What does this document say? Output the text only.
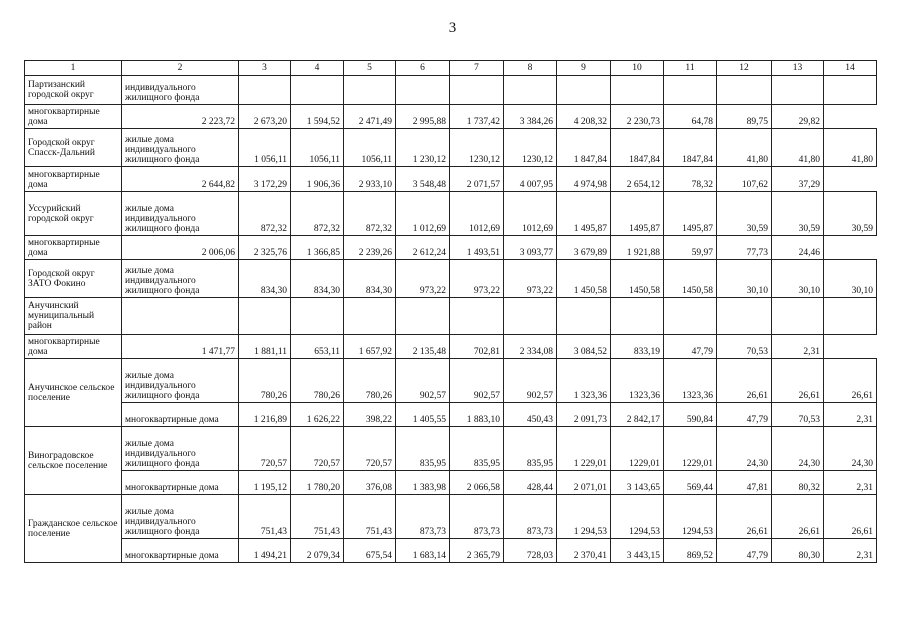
3
1	2	3	4	5	6	7	8	9	10	11	12	13	14
Партизанский городской округ	индивидуального жилищного фонда												
многоквартирные дома	2 223,72	2 673,20	1 594,52	2 471,49	2 995,88	1 737,42	3 384,26	4 208,32	2 230,73	64,78	89,75	29,82	
Городской округ Спасск-Дальний	жилые дома индивидуального жилищного фонда	1 056,11	1056,11	1056,11	1 230,12	1230,12	1230,12	1 847,84	1847,84	1847,84	41,80	41,80	41,80
многоквартирные дома	2 644,82	3 172,29	1 906,36	2 933,10	3 548,48	2 071,57	4 007,95	4 974,98	2 654,12	78,32	107,62	37,29	
Уссурийский городской округ	жилые дома индивидуального жилищного фонда	872,32	872,32	872,32	1 012,69	1012,69	1012,69	1 495,87	1495,87	1495,87	30,59	30,59	30,59
многоквартирные дома	2 006,06	2 325,76	1 366,85	2 239,26	2 612,24	1 493,51	3 093,77	3 679,89	1 921,88	59,97	77,73	24,46	
Городской округ ЗАТО Фокино	жилые дома индивидуального жилищного фонда	834,30	834,30	834,30	973,22	973,22	973,22	1 450,58	1450,58	1450,58	30,10	30,10	30,10
Анучинский муниципальный район													
многоквартирные дома	1 471,77	1 881,11	653,11	1 657,92	2 135,48	702,81	2 334,08	3 084,52	833,19	47,79	70,53	2,31	
Анучинское сельское поселение	жилые дома индивидуального жилищного фонда	780,26	780,26	780,26	902,57	902,57	902,57	1 323,36	1323,36	1323,36	26,61	26,61	26,61
	многоквартирные дома	1 216,89	1 626,22	398,22	1 405,55	1 883,10	450,43	2 091,73	2 842,17	590,84	47,79	70,53	2,31
Виноградовское сельское поселение	жилые дома индивидуального жилищного фонда	720,57	720,57	720,57	835,95	835,95	835,95	1 229,01	1229,01	1229,01	24,30	24,30	24,30
	многоквартирные дома	1 195,12	1 780,20	376,08	1 383,98	2 066,58	428,44	2 071,01	3 143,65	569,44	47,81	80,32	2,31
Гражданское сельское поселение	жилые дома индивидуального жилищного фонда	751,43	751,43	751,43	873,73	873,73	873,73	1 294,53	1294,53	1294,53	26,61	26,61	26,61
	многоквартирные дома	1 494,21	2 079,34	675,54	1 683,14	2 365,79	728,03	2 370,41	3 443,15	869,52	47,79	80,30	2,31
